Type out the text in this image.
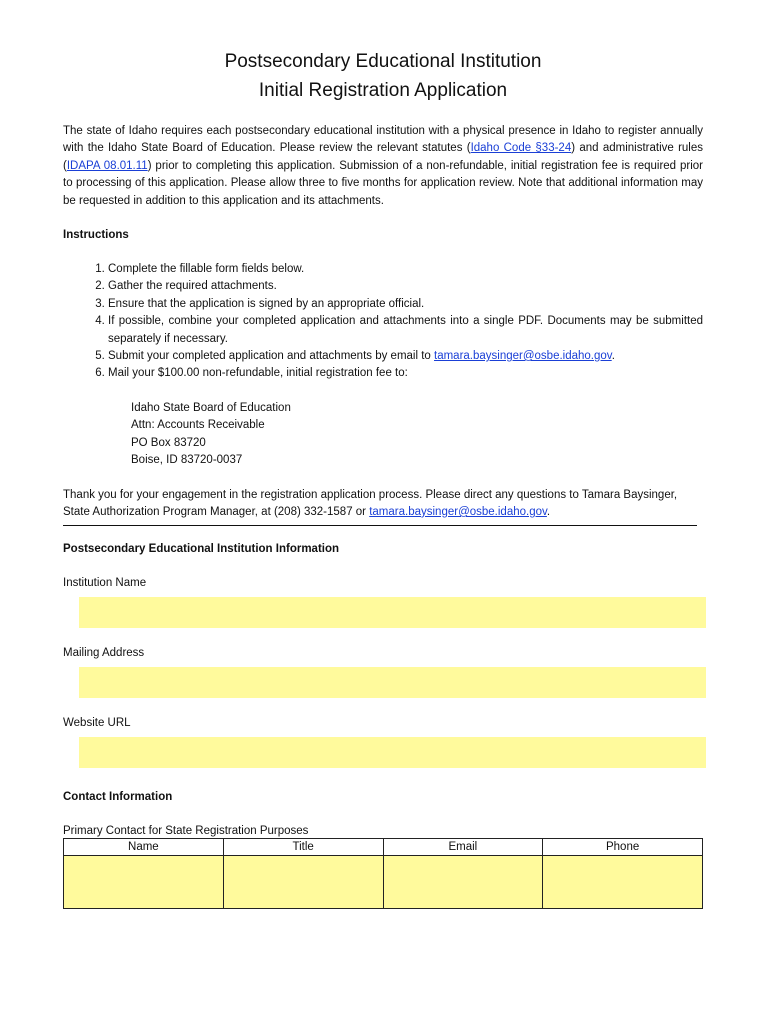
Postsecondary Educational Institution
Initial Registration Application

The state of Idaho requires each postsecondary educational institution with a physical presence in Idaho to register annually with the Idaho State Board of Education. Please review the relevant statutes (Idaho Code §33-24) and administrative rules (IDAPA 08.01.11) prior to completing this application. Submission of a non-refundable, initial registration fee is required prior to processing of this application. Please allow three to five months for application review. Note that additional information may be requested in addition to this application and its attachments.

Instructions
1. Complete the fillable form fields below.
2. Gather the required attachments.
3. Ensure that the application is signed by an appropriate official.
4. If possible, combine your completed application and attachments into a single PDF. Documents may be submitted separately if necessary.
5. Submit your completed application and attachments by email to tamara.baysinger@osbe.idaho.gov.
6. Mail your $100.00 non-refundable, initial registration fee to:
Idaho State Board of Education
Attn: Accounts Receivable
PO Box 83720
Boise, ID 83720-0037

Thank you for your engagement in the registration application process. Please direct any questions to Tamara Baysinger, State Authorization Program Manager, at (208) 332-1587 or tamara.baysinger@osbe.idaho.gov.

Postsecondary Educational Institution Information
Institution Name
Mailing Address
Website URL
Contact Information
Primary Contact for State Registration Purposes
Name	Title	Email	Phone
